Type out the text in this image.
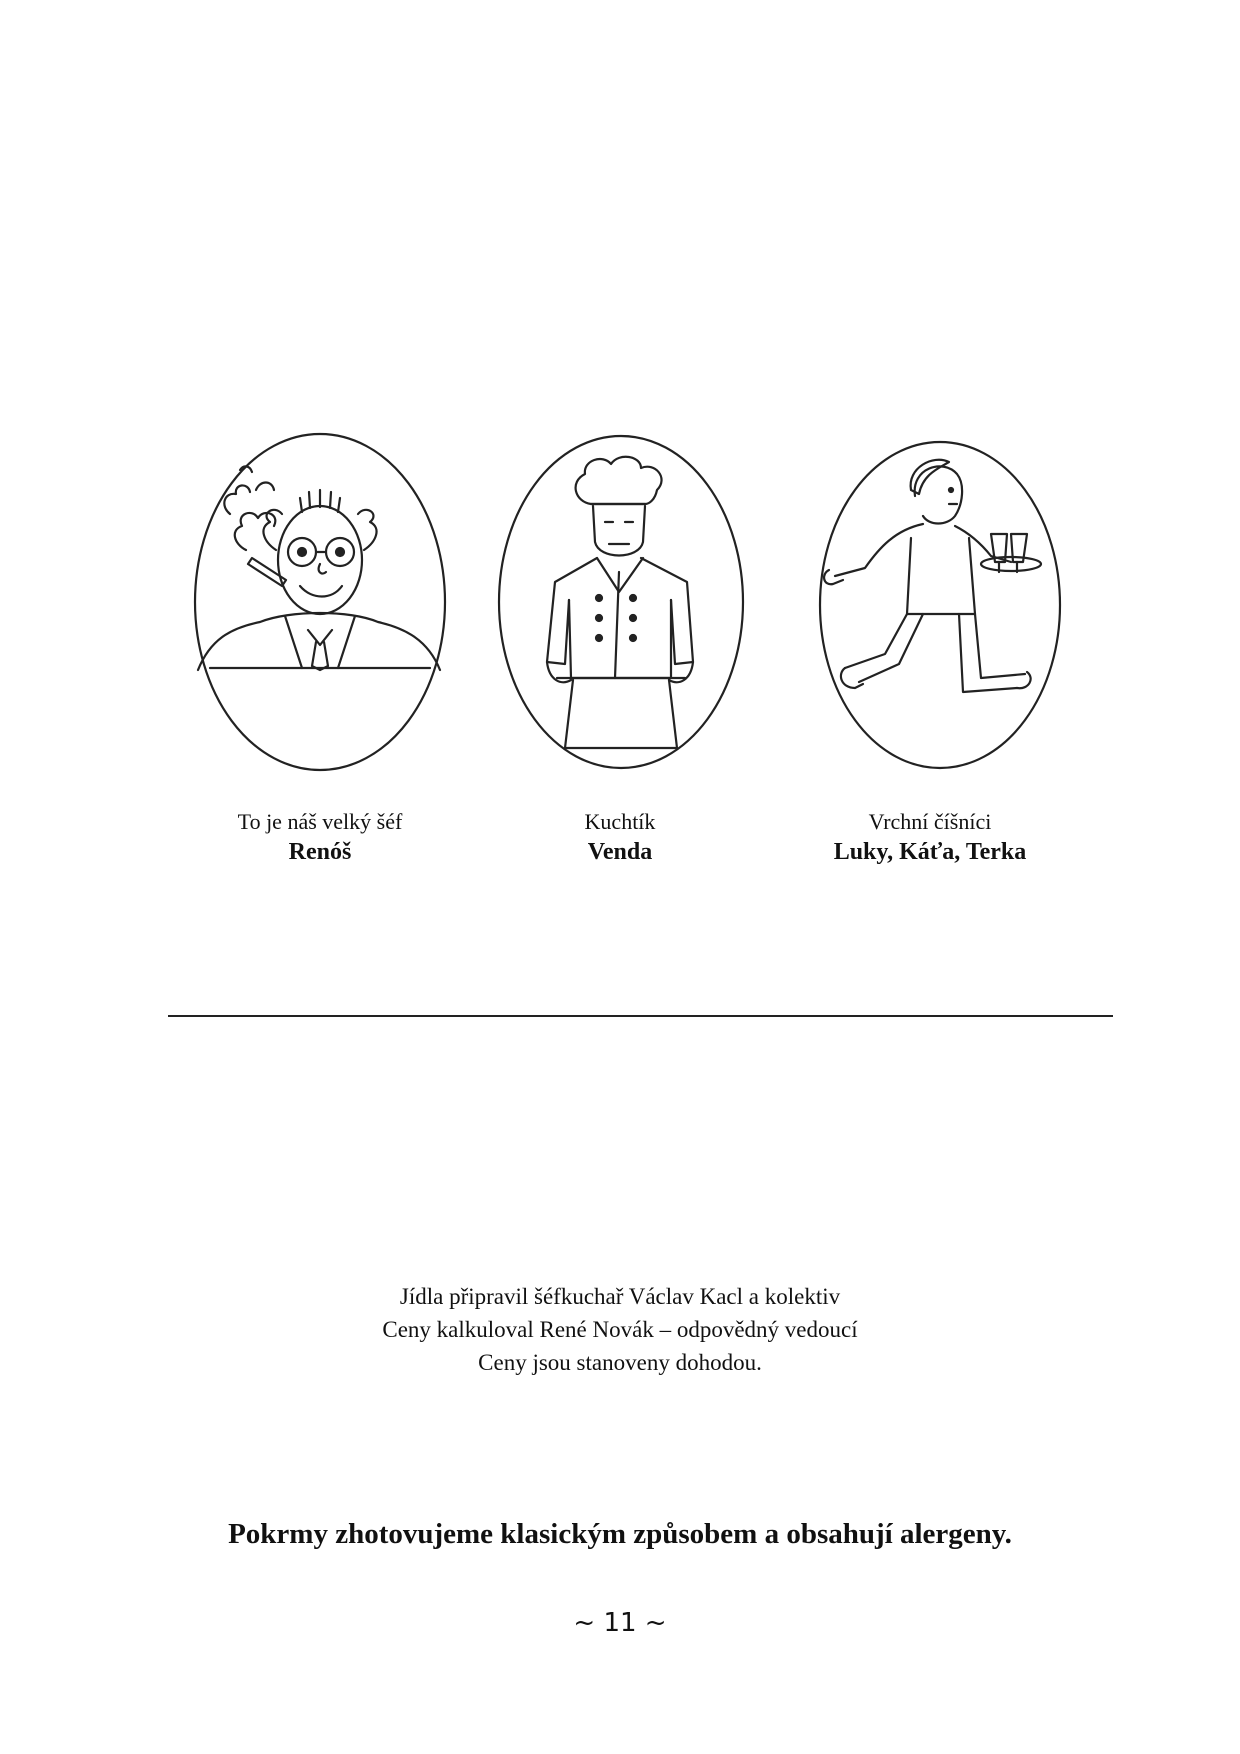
To je náš velký šéf
Renóš
Kuchtík
Venda
Vrchní číšníci
Luky, Káťa, Terka
Jídla připravil šéfkuchař Václav Kacl a kolektiv
Ceny kalkuloval René Novák – odpovědný vedoucí
Ceny jsou stanoveny dohodou.
Pokrmy zhotovujeme klasickým způsobem a obsahují alergeny.
~ 11 ~
